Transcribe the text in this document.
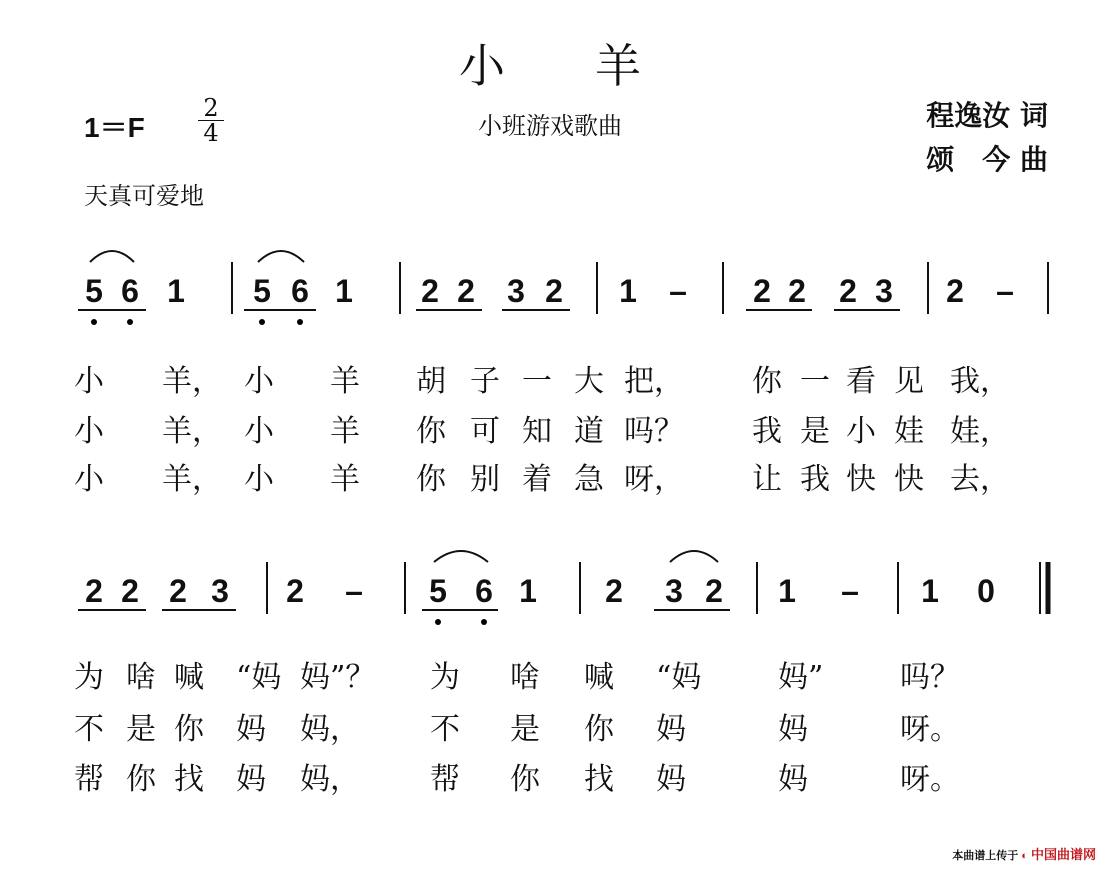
小羊
1＝F
2
4	小班游戏歌曲	程逸汝 词
颂　今 曲
天真可爱地
5 6 1 5 6 1 2 2 3 2 1 – 2 2 2 3 2 –
2 2 2 3 2 – 5 6 1 2 3 2 1 – 1 0
小 羊， 小 羊 胡 子 一 大 把， 你 一 看 见 我，
小 羊， 小 羊 你 可 知 道 吗？ 我 是 小 娃 娃，
小 羊， 小 羊 你 别 着 急 呀， 让 我 快 快 去，
为 啥 喊 “妈 妈”？ 为 啥 喊 “妈	妈”	吗？
不 是 你 妈 妈， 不 是 你 妈	妈	呀。
帮 你 找 妈 妈， 帮 你 找 妈	妈	呀。
本曲谱上传于 ◐ 中国曲谱网
